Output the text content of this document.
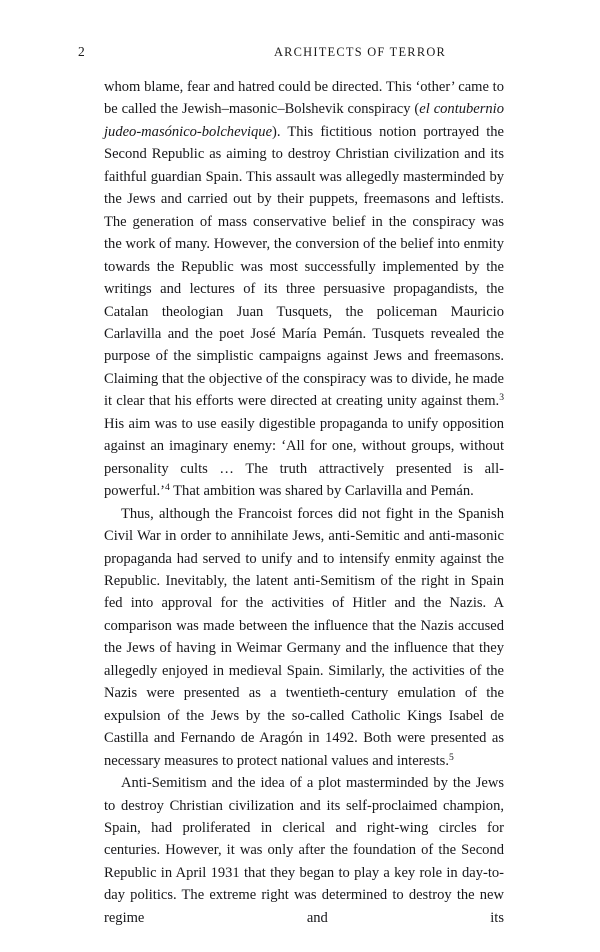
2	ARCHITECTS OF TERROR

whom blame, fear and hatred could be directed. This ‘other’ came to be called the Jewish–masonic–Bolshevik conspiracy (el contubernio judeo-masónico-bolchevique). This fictitious notion portrayed the Second Republic as aiming to destroy Christian civilization and its faithful guardian Spain. This assault was allegedly masterminded by the Jews and carried out by their puppets, freemasons and leftists. The generation of mass conservative belief in the conspiracy was the work of many. However, the conversion of the belief into enmity towards the Republic was most successfully implemented by the writings and lectures of its three persuasive propagandists, the Catalan theologian Juan Tusquets, the policeman Mauricio Carlavilla and the poet José María Pemán. Tusquets revealed the purpose of the simplistic campaigns against Jews and freemasons. Claiming that the objective of the conspiracy was to divide, he made it clear that his efforts were directed at creating unity against them.$^3$ His aim was to use easily digestible propaganda to unify opposition against an imaginary enemy: ‘All for one, without groups, without personality cults … The truth attractively presented is all-powerful.’$^4$ That ambition was shared by Carlavilla and Pemán.

Thus, although the Francoist forces did not fight in the Spanish Civil War in order to annihilate Jews, anti-Semitic and anti-masonic propaganda had served to unify and to intensify enmity against the Republic. Inevitably, the latent anti-Semitism of the right in Spain fed into approval for the activities of Hitler and the Nazis. A comparison was made between the influence that the Nazis accused the Jews of having in Weimar Germany and the influence that they allegedly enjoyed in medieval Spain. Similarly, the activities of the Nazis were presented as a twentieth-century emulation of the expulsion of the Jews by the so-called Catholic Kings Isabel de Castilla and Fernando de Aragón in 1492. Both were presented as necessary measures to protect national values and interests.$^5$

Anti-Semitism and the idea of a plot masterminded by the Jews to destroy Christian civilization and its self-proclaimed champion, Spain, had proliferated in clerical and right-wing circles for centuries. However, it was only after the foundation of the Second Republic in April 1931 that they began to play a key role in day-to-day politics. The extreme right was determined to destroy the new regime and its
